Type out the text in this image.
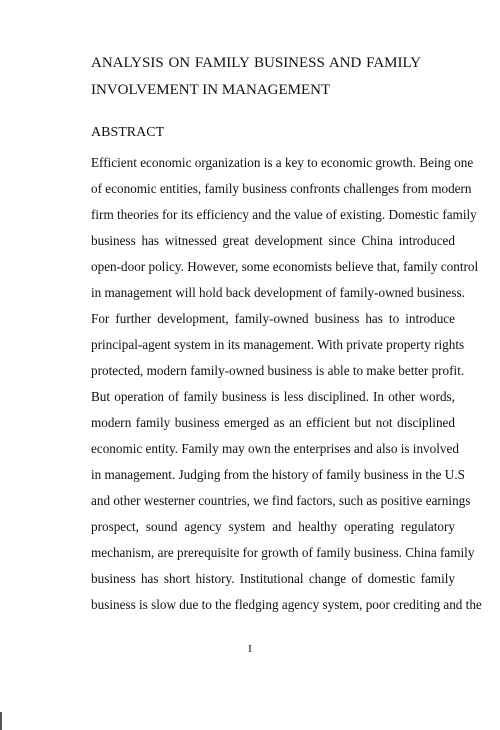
ANALYSIS ON FAMILY BUSINESS AND FAMILY
INVOLVEMENT IN MANAGEMENT
ABSTRACT
Efficient economic organization is a key to economic growth. Being one
of economic entities, family business confronts challenges from modern
firm theories for its efficiency and the value of existing. Domestic family
business has witnessed great development since China introduced
open-door policy. However, some economists believe that, family control
in management will hold back development of family-owned business.
For further development, family-owned business has to introduce
principal-agent system in its management. With private property rights
protected, modern family-owned business is able to make better profit.
But operation of family business is less disciplined. In other words,
modern family business emerged as an efficient but not disciplined
economic entity. Family may own the enterprises and also is involved
in management. Judging from the history of family business in the U.S
and other westerner countries, we find factors, such as positive earnings
prospect, sound agency system and healthy operating regulatory
mechanism, are prerequisite for growth of family business. China family
business has short history. Institutional change of domestic family
business is slow due to the fledging agency system, poor crediting and the
I
